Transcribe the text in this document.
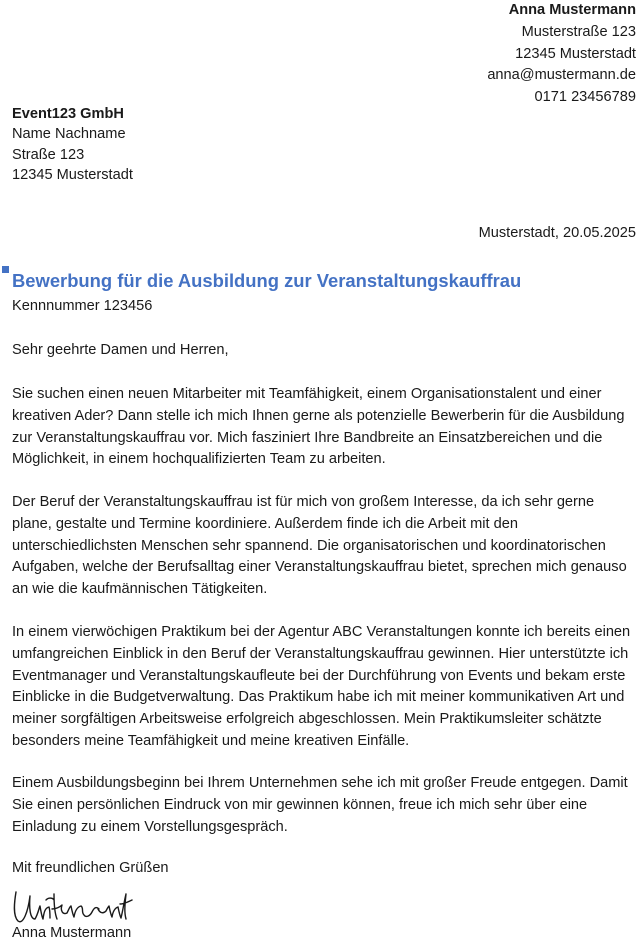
Anna Mustermann
Musterstraße 123
12345 Musterstadt
anna@mustermann.de
0171 23456789
Event123 GmbH
Name Nachname
Straße 123
12345 Musterstadt
Musterstadt, 20.05.2025
Bewerbung für die Ausbildung zur Veranstaltungskauffrau
Kennnummer 123456
Sehr geehrte Damen und Herren,

Sie suchen einen neuen Mitarbeiter mit Teamfähigkeit, einem Organisationstalent und einer kreativen Ader? Dann stelle ich mich Ihnen gerne als potenzielle Bewerberin für die Ausbildung zur Veranstaltungskauffrau vor. Mich fasziniert Ihre Bandbreite an Einsatzbereichen und die Möglichkeit, in einem hochqualifizierten Team zu arbeiten.

Der Beruf der Veranstaltungskauffrau ist für mich von großem Interesse, da ich sehr gerne plane, gestalte und Termine koordiniere. Außerdem finde ich die Arbeit mit den unterschiedlichsten Menschen sehr spannend. Die organisatorischen und koordinatorischen Aufgaben, welche der Berufsalltag einer Veranstaltungskauffrau bietet, sprechen mich genauso an wie die kaufmännischen Tätigkeiten.

In einem vierwöchigen Praktikum bei der Agentur ABC Veranstaltungen konnte ich bereits einen umfangreichen Einblick in den Beruf der Veranstaltungskauffrau gewinnen. Hier unterstützte ich Eventmanager und Veranstaltungskaufleute bei der Durchführung von Events und bekam erste Einblicke in die Budgetverwaltung. Das Praktikum habe ich mit meiner kommunikativen Art und meiner sorgfältigen Arbeitsweise erfolgreich abgeschlossen. Mein Praktikumsleiter schätzte besonders meine Teamfähigkeit und meine kreativen Einfälle.

Einem Ausbildungsbeginn bei Ihrem Unternehmen sehe ich mit großer Freude entgegen. Damit Sie einen persönlichen Eindruck von mir gewinnen können, freue ich mich sehr über eine Einladung zu einem Vorstellungsgespräch.

Mit freundlichen Grüßen
Anna Mustermann
